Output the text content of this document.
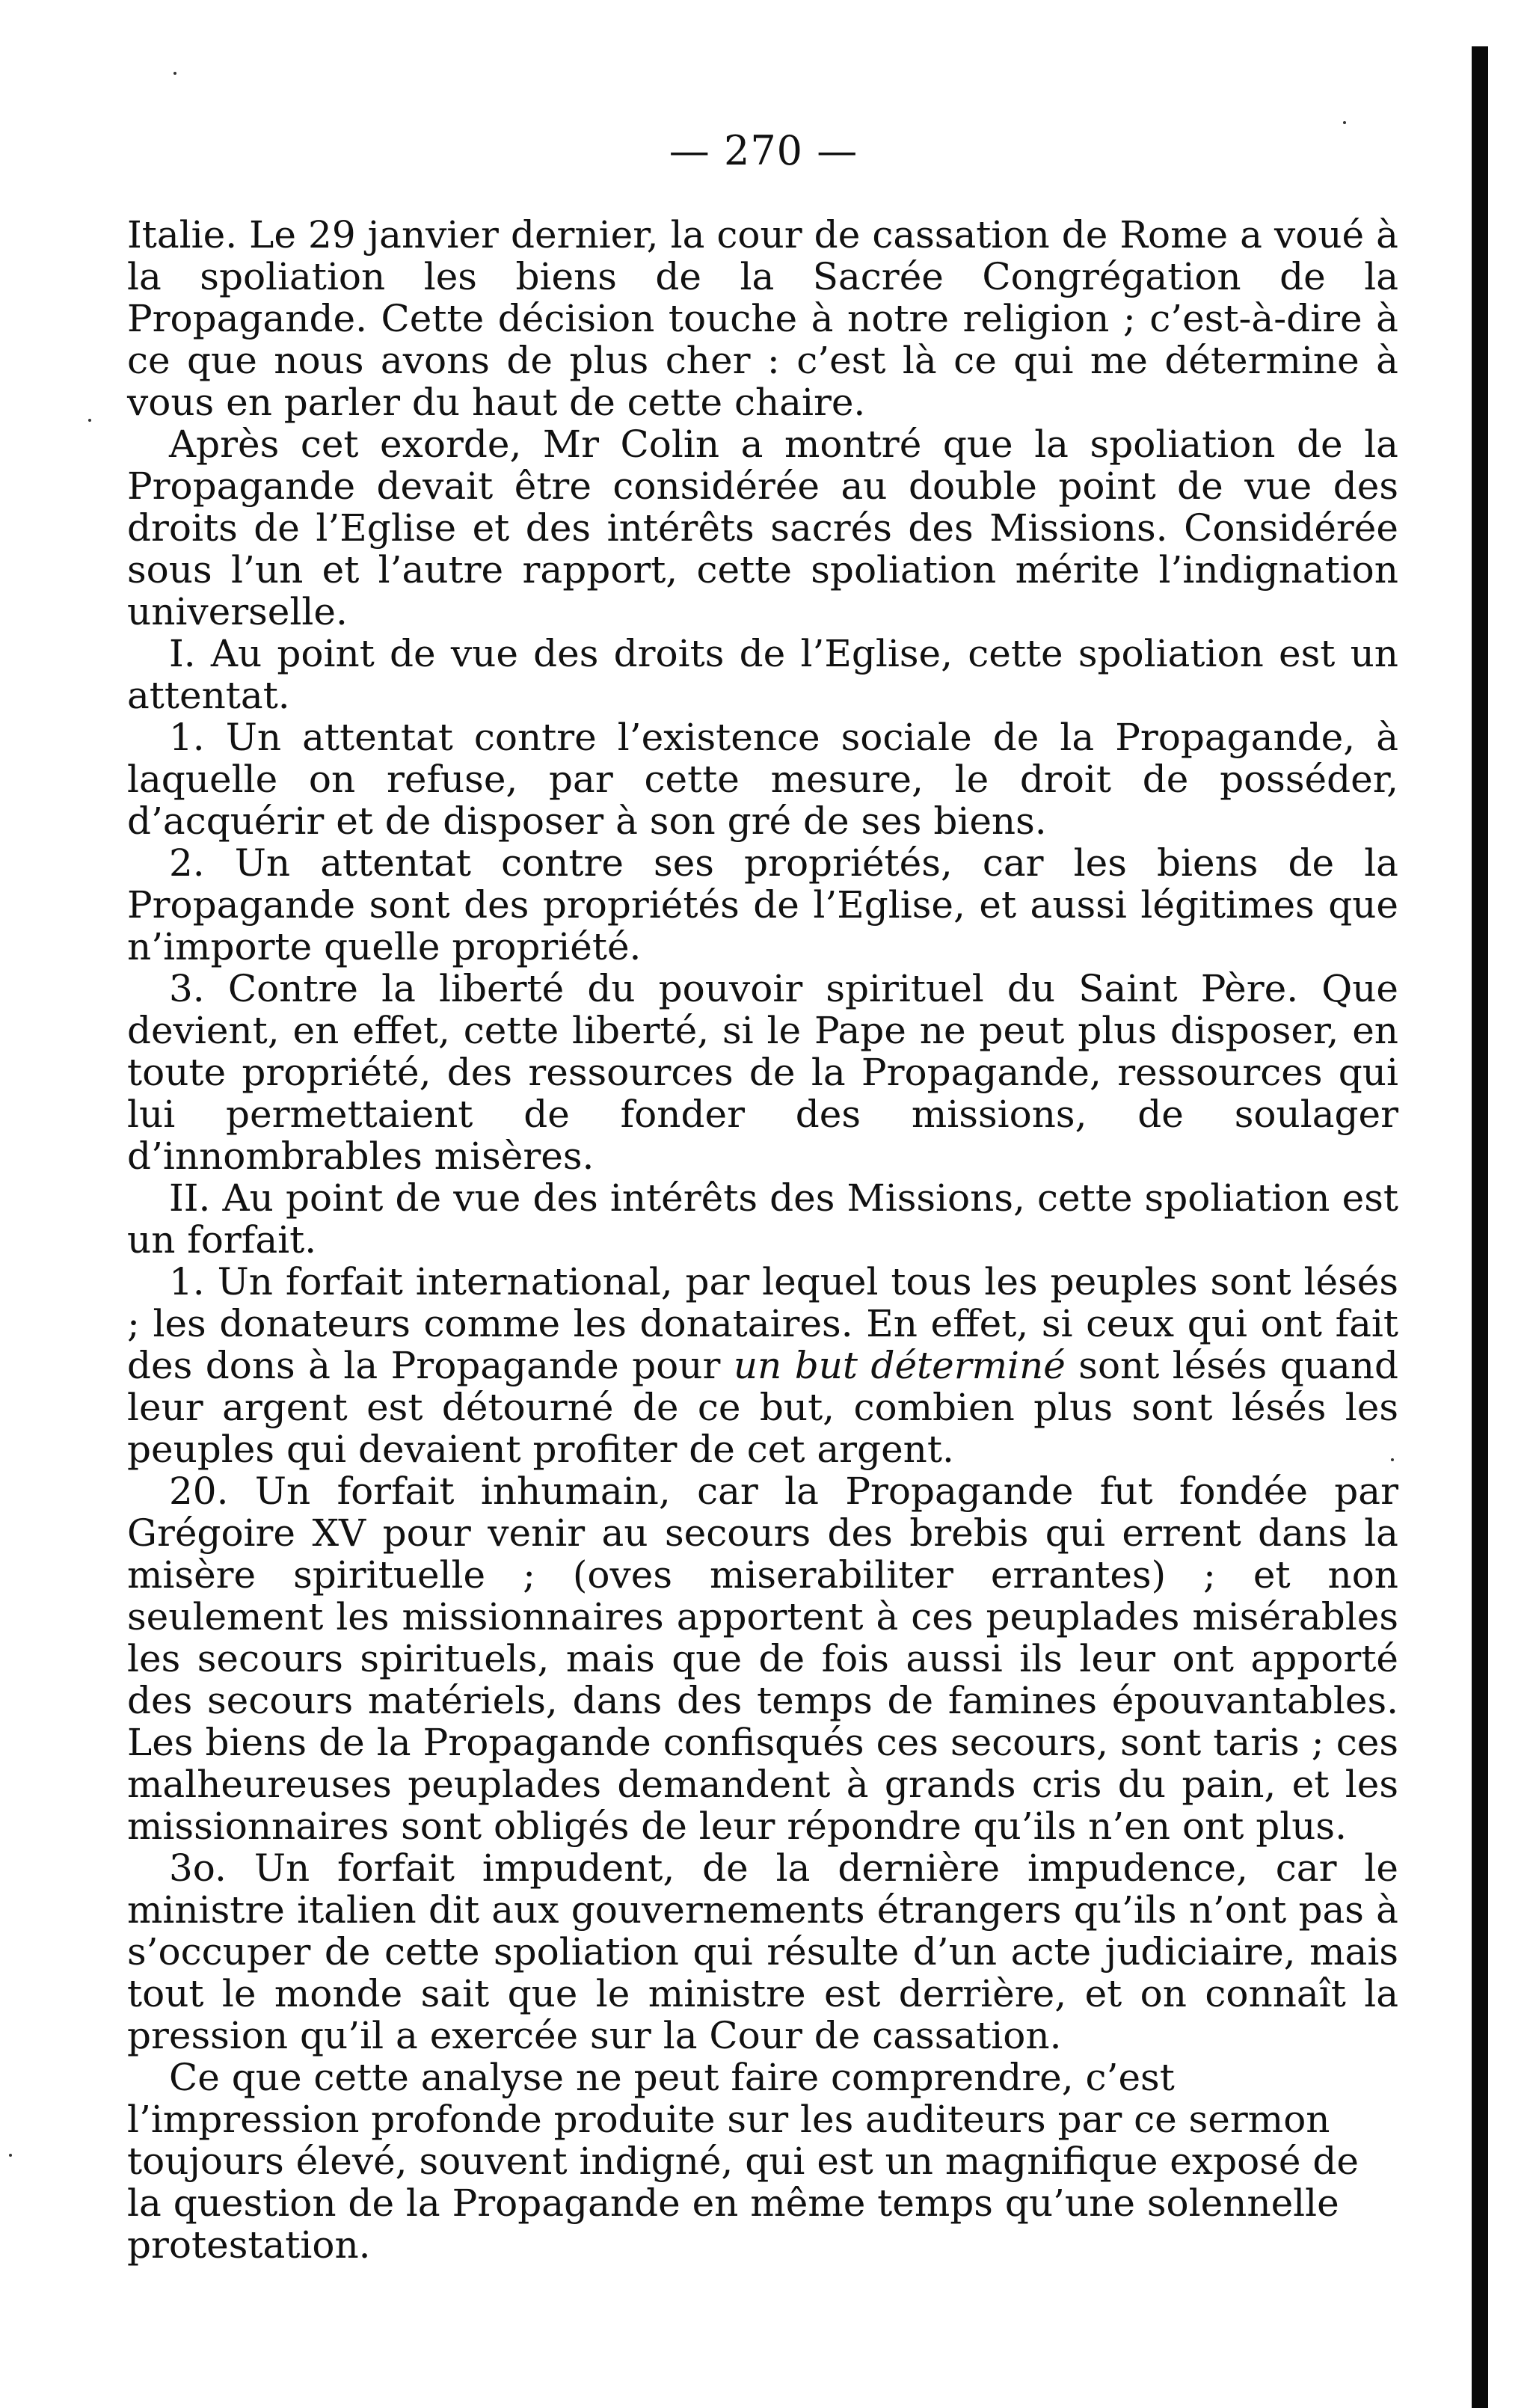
— 270 —

Italie. Le 29 janvier dernier, la cour de cassation de Rome a voué à la spoliation les biens de la Sacrée Congrégation de la Propagande. Cette décision touche à notre religion ; c’est-à-dire à ce que nous avons de plus cher : c’est là ce qui me détermine à vous en parler du haut de cette chaire.

Après cet exorde, Mr Colin a montré que la spoliation de la Propagande devait être considérée au double point de vue des droits de l’Eglise et des intérêts sacrés des Missions. Considérée sous l’un et l’autre rapport, cette spoliation mérite l’indignation universelle.

I. Au point de vue des droits de l’Eglise, cette spoliation est un attentat.

1. Un attentat contre l’existence sociale de la Propagande, à laquelle on refuse, par cette mesure, le droit de posséder, d’acquérir et de disposer à son gré de ses biens.

2. Un attentat contre ses propriétés, car les biens de la Propagande sont des propriétés de l’Eglise, et aussi légitimes que n’importe quelle propriété.

3. Contre la liberté du pouvoir spirituel du Saint Père. Que devient, en effet, cette liberté, si le Pape ne peut plus disposer, en toute propriété, des ressources de la Propagande, ressources qui lui permettaient de fonder des missions, de soulager d’innombrables misères.

II. Au point de vue des intérêts des Missions, cette spoliation est un forfait.

1. Un forfait international, par lequel tous les peuples sont lésés ; les donateurs comme les donataires. En effet, si ceux qui ont fait des dons à la Propagande pour un but déterminé sont lésés quand leur argent est détourné de ce but, combien plus sont lésés les peuples qui devaient profiter de cet argent.

20. Un forfait inhumain, car la Propagande fut fondée par Grégoire XV pour venir au secours des brebis qui errent dans la misère spirituelle ; (oves miserabiliter errantes) ; et non seulement les missionnaires apportent à ces peuplades misérables les secours spirituels, mais que de fois aussi ils leur ont apporté des secours matériels, dans des temps de famines épouvantables. Les biens de la Propagande confisqués ces secours, sont taris ; ces malheureuses peuplades demandent à grands cris du pain, et les missionnaires sont obligés de leur répondre qu’ils n’en ont plus.

3o. Un forfait impudent, de la dernière impudence, car le ministre italien dit aux gouvernements étrangers qu’ils n’ont pas à s’occuper de cette spoliation qui résulte d’un acte judiciaire, mais tout le monde sait que le ministre est derrière, et on connaît la pression qu’il a exercée sur la Cour de cassation.

Ce que cette analyse ne peut faire comprendre, c’est l’impression profonde produite sur les auditeurs par ce sermon toujours élevé, souvent indigné, qui est un magnifique exposé de la question de la Propagande en même temps qu’une solennelle protestation.
